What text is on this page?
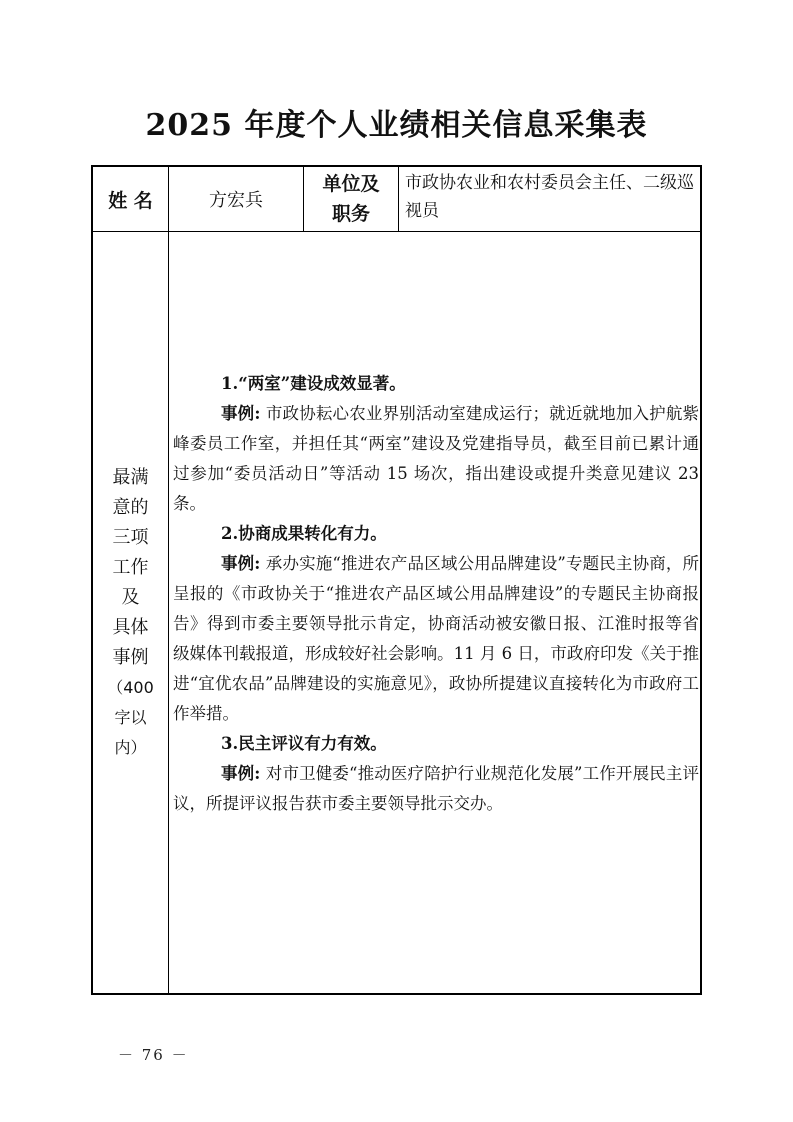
2025 年度个人业绩相关信息采集表
姓 名	方宏兵
单位及
职务
市政协农业和农村委员会主任、二级巡视员
最满
意的
三项
工作
及
具体
事例
（400
字以
内）

1.“两室”建设成效显著。

事例: 市政协耘心农业界别活动室建成运行；就近就地加入护航紫峰委员工作室，并担任其“两室”建设及党建指导员，截至目前已累计通过参加“委员活动日”等活动 15 场次，指出建设或提升类意见建议 23 条。

2.协商成果转化有力。

事例: 承办实施“推进农产品区域公用品牌建设”专题民主协商，所呈报的《市政协关于“推进农产品区域公用品牌建设”的专题民主协商报告》得到市委主要领导批示肯定，协商活动被安徽日报、江淮时报等省级媒体刊载报道，形成较好社会影响。11 月 6 日，市政府印发《关于推进“宜优农品”品牌建设的实施意见》，政协所提建议直接转化为市政府工作举措。

3.民主评议有力有效。

事例: 对市卫健委“推动医疗陪护行业规范化发展”工作开展民主评议，所提评议报告获市委主要领导批示交办。

－ 76 －
